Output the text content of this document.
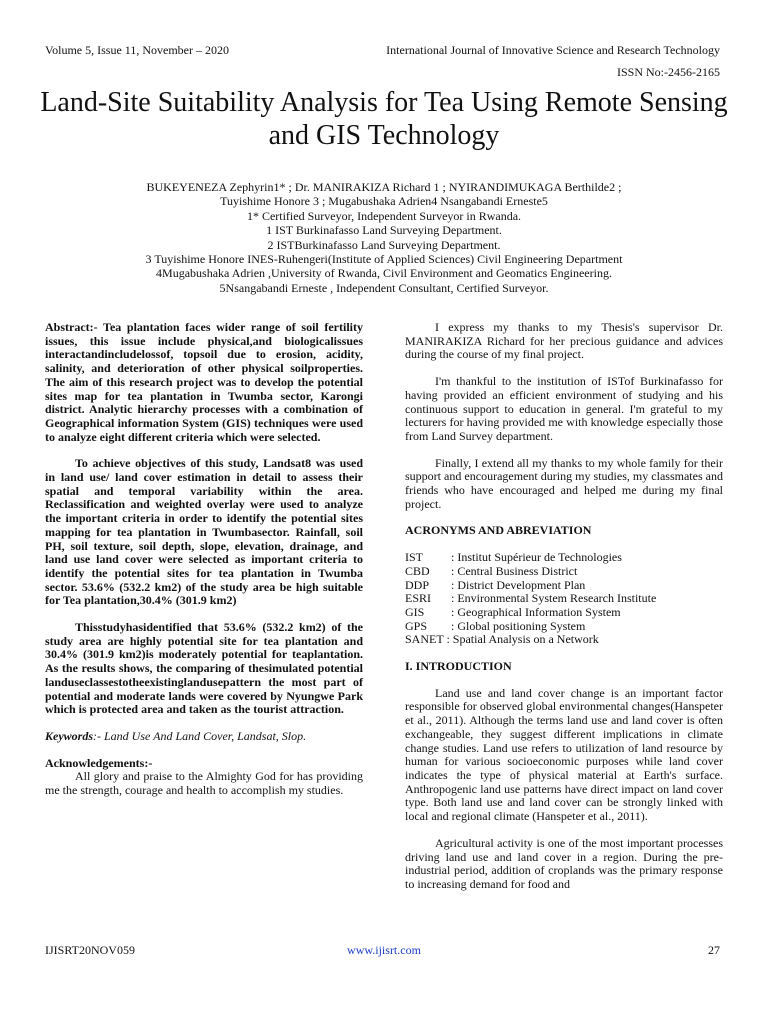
Volume 5, Issue 11, November – 2020	International Journal of Innovative Science and Research Technology
ISSN No:-2456-2165
Land-Site Suitability Analysis for Tea Using Remote Sensing and GIS Technology
BUKEYENEZA Zephyrin1* ; Dr. MANIRAKIZA Richard 1 ; NYIRANDIMUKAGA Berthilde2 ;
Tuyishime Honore 3 ; Mugabushaka Adrien4 Nsangabandi Erneste5
1* Certified Surveyor, Independent Surveyor in Rwanda.
1 IST Burkinafasso Land Surveying Department.
2 ISTBurkinafasso Land Surveying Department.
3 Tuyishime Honore INES-Ruhengeri(Institute of Applied Sciences) Civil Engineering Department
4Mugabushaka Adrien ,University of Rwanda, Civil Environment and Geomatics Engineering.
5Nsangabandi Erneste , Independent Consultant, Certified Surveyor.

Abstract:- Tea plantation faces wider range of soil fertility issues, this issue include physical,and biologicalissues interactandincludelossof, topsoil due to erosion, acidity, salinity, and deterioration of other physical soilproperties. The aim of this research project was to develop the potential sites map for tea plantation in Twumba sector, Karongi district. Analytic hierarchy processes with a combination of Geographical information System (GIS) techniques were used to analyze eight different criteria which were selected.

To achieve objectives of this study, Landsat8 was used in land use/ land cover estimation in detail to assess their spatial and temporal variability within the area. Reclassification and weighted overlay were used to analyze the important criteria in order to identify the potential sites mapping for tea plantation in Twumbasector. Rainfall, soil PH, soil texture, soil depth, slope, elevation, drainage, and land use land cover were selected as important criteria to identify the potential sites for tea plantation in Twumba sector. 53.6% (532.2 km2) of the study area be high suitable for Tea plantation,30.4% (301.9 km2)

Thisstudyhasidentified that 53.6% (532.2 km2) of the study area are highly potential site for tea plantation and 30.4% (301.9 km2)is moderately potential for teaplantation. As the results shows, the comparing of thesimulated potential landuseclassestotheexistinglandusepattern the most part of potential and moderate lands were covered by Nyungwe Park which is protected area and taken as the tourist attraction.

Keywords:- Land Use And Land Cover, Landsat, Slop.

Acknowledgements:-

All glory and praise to the Almighty God for has providing me the strength, courage and health to accomplish my studies.

I express my thanks to my Thesis's supervisor Dr. MANIRAKIZA Richard for her precious guidance and advices during the course of my final project.

I'm thankful to the institution of ISTof Burkinafasso for having provided an efficient environment of studying and his continuous support to education in general. I'm grateful to my lecturers for having provided me with knowledge especially those from Land Survey department.

Finally, I extend all my thanks to my whole family for their support and encouragement during my studies, my classmates and friends who have encouraged and helped me during my final project.

ACRONYMS AND ABREVIATION

IST	: Institut Supérieur de Technologies
CBD	: Central Business District
DDP	: District Development Plan
ESRI	: Environmental System Research Institute
GIS	: Geographical Information System
GPS	: Global positioning System
SANET : Spatial Analysis on a Network

I. INTRODUCTION

Land use and land cover change is an important factor responsible for observed global environmental changes(Hanspeter et al., 2011). Although the terms land use and land cover is often exchangeable, they suggest different implications in climate change studies. Land use refers to utilization of land resource by human for various socioeconomic purposes while land cover indicates the type of physical material at Earth's surface. Anthropogenic land use patterns have direct impact on land cover type. Both land use and land cover can be strongly linked with local and regional climate (Hanspeter et al., 2011).

Agricultural activity is one of the most important processes driving land use and land cover in a region. During the pre-industrial period, addition of croplands was the primary response to increasing demand for food and

IJISRT20NOV059	www.ijisrt.com	27
